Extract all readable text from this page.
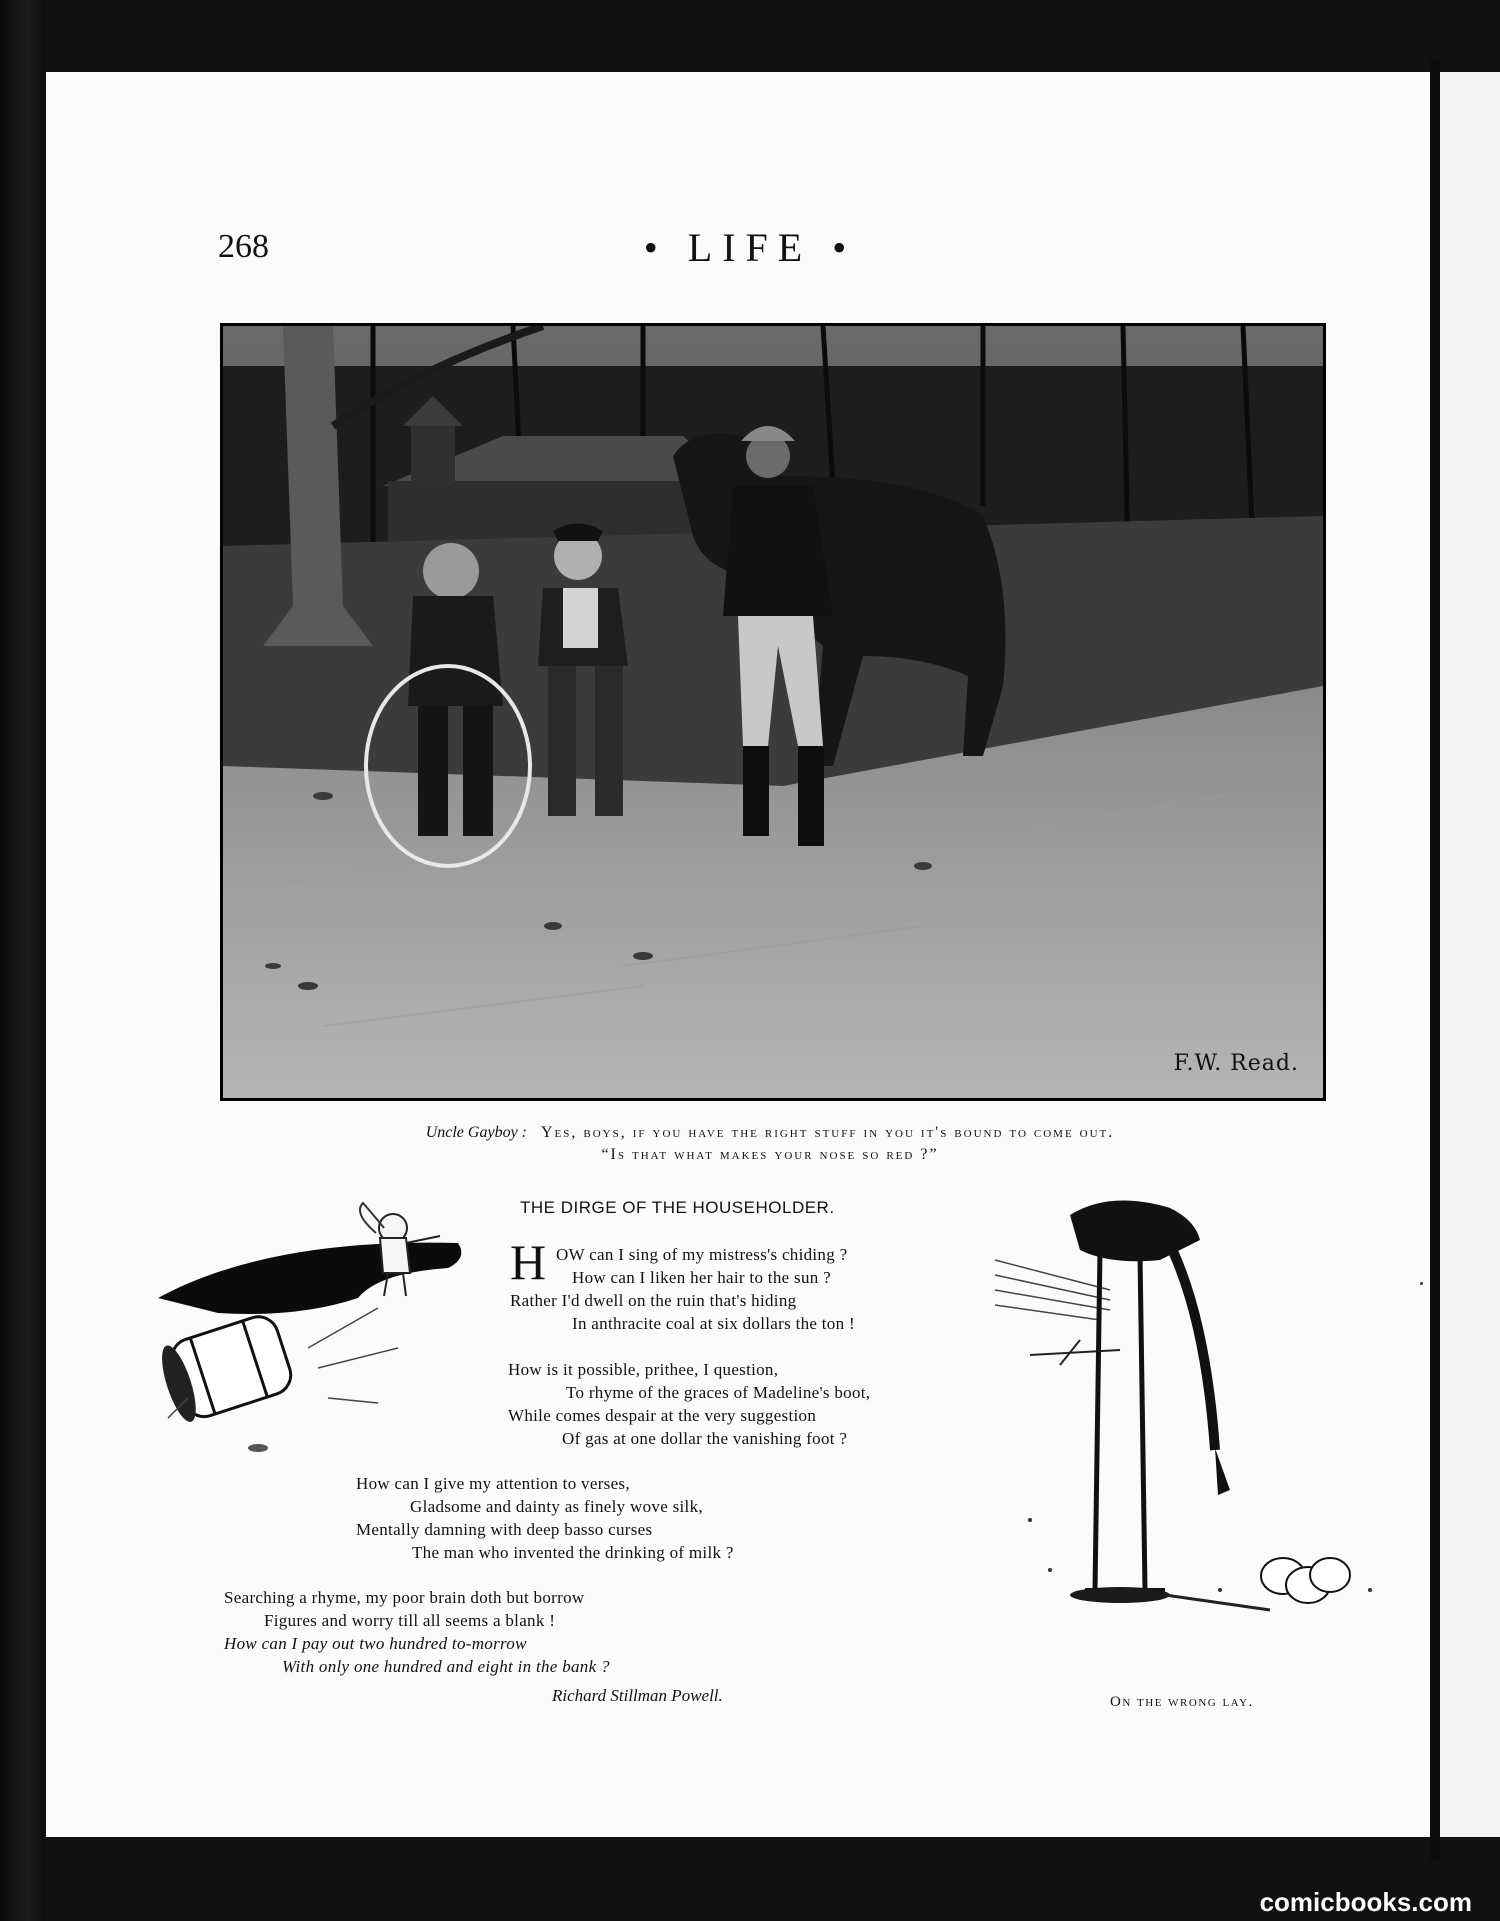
268	• LIFE •
F.W. Read.
Uncle Gayboy : Yes, boys, if you have the right stuff in you it's bound to come out.
“Is that what makes your nose so red ?”
THE DIRGE OF THE HOUSEHOLDER.
H OW can I sing of my mistress's chiding ?
How can I liken her hair to the sun ?
Rather I'd dwell on the ruin that's hiding
In anthracite coal at six dollars the ton !
How is it possible, prithee, I question,
To rhyme of the graces of Madeline's boot,
While comes despair at the very suggestion
Of gas at one dollar the vanishing foot ?
How can I give my attention to verses,
Gladsome and dainty as finely wove silk,
Mentally damning with deep basso curses
The man who invented the drinking of milk ?
Searching a rhyme, my poor brain doth but borrow
Figures and worry till all seems a blank !
How can I pay out two hundred to-morrow
With only one hundred and eight in the bank ?
Richard Stillman Powell.	On the wrong lay.
comicbooks.com
